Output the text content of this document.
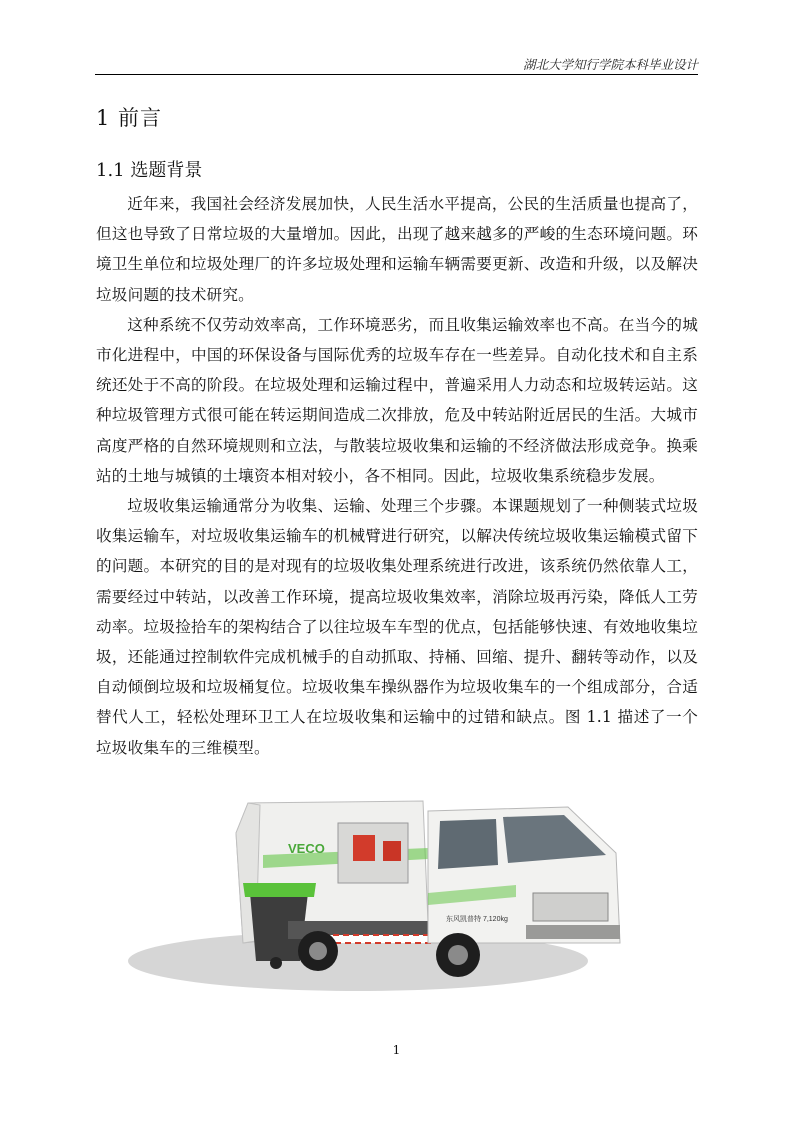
湖北大学知行学院本科毕业设计
1 前言
1.1 选题背景

近年来，我国社会经济发展加快，人民生活水平提高，公民的生活质量也提高了，但这也导致了日常垃圾的大量增加。因此，出现了越来越多的严峻的生态环境问题。环境卫生单位和垃圾处理厂的许多垃圾处理和运输车辆需要更新、改造和升级，以及解决垃圾问题的技术研究。

这种系统不仅劳动效率高，工作环境恶劣，而且收集运输效率也不高。在当今的城市化进程中，中国的环保设备与国际优秀的垃圾车存在一些差异。自动化技术和自主系统还处于不高的阶段。在垃圾处理和运输过程中，普遍采用人力动态和垃圾转运站。这种垃圾管理方式很可能在转运期间造成二次排放，危及中转站附近居民的生活。大城市高度严格的自然环境规则和立法，与散装垃圾收集和运输的不经济做法形成竞争。换乘站的土地与城镇的土壤资本相对较小，各不相同。因此，垃圾收集系统稳步发展。

垃圾收集运输通常分为收集、运输、处理三个步骤。本课题规划了一种侧装式垃圾收集运输车，对垃圾收集运输车的机械臂进行研究，以解决传统垃圾收集运输模式留下的问题。本研究的目的是对现有的垃圾收集处理系统进行改进，该系统仍然依靠人工，需要经过中转站，以改善工作环境，提高垃圾收集效率，消除垃圾再污染，降低人工劳动率。垃圾捡拾车的架构结合了以往垃圾车车型的优点，包括能够快速、有效地收集垃圾，还能通过控制软件完成机械手的自动抓取、持桶、回缩、提升、翻转等动作，以及自动倾倒垃圾和垃圾桶复位。垃圾收集车操纵器作为垃圾收集车的一个组成部分，合适替代人工，轻松处理环卫工人在垃圾收集和运输中的过错和缺点。图 1.1 描述了一个垃圾收集车的三维模型。

VECO
东风凯普特 7,120kg
1
